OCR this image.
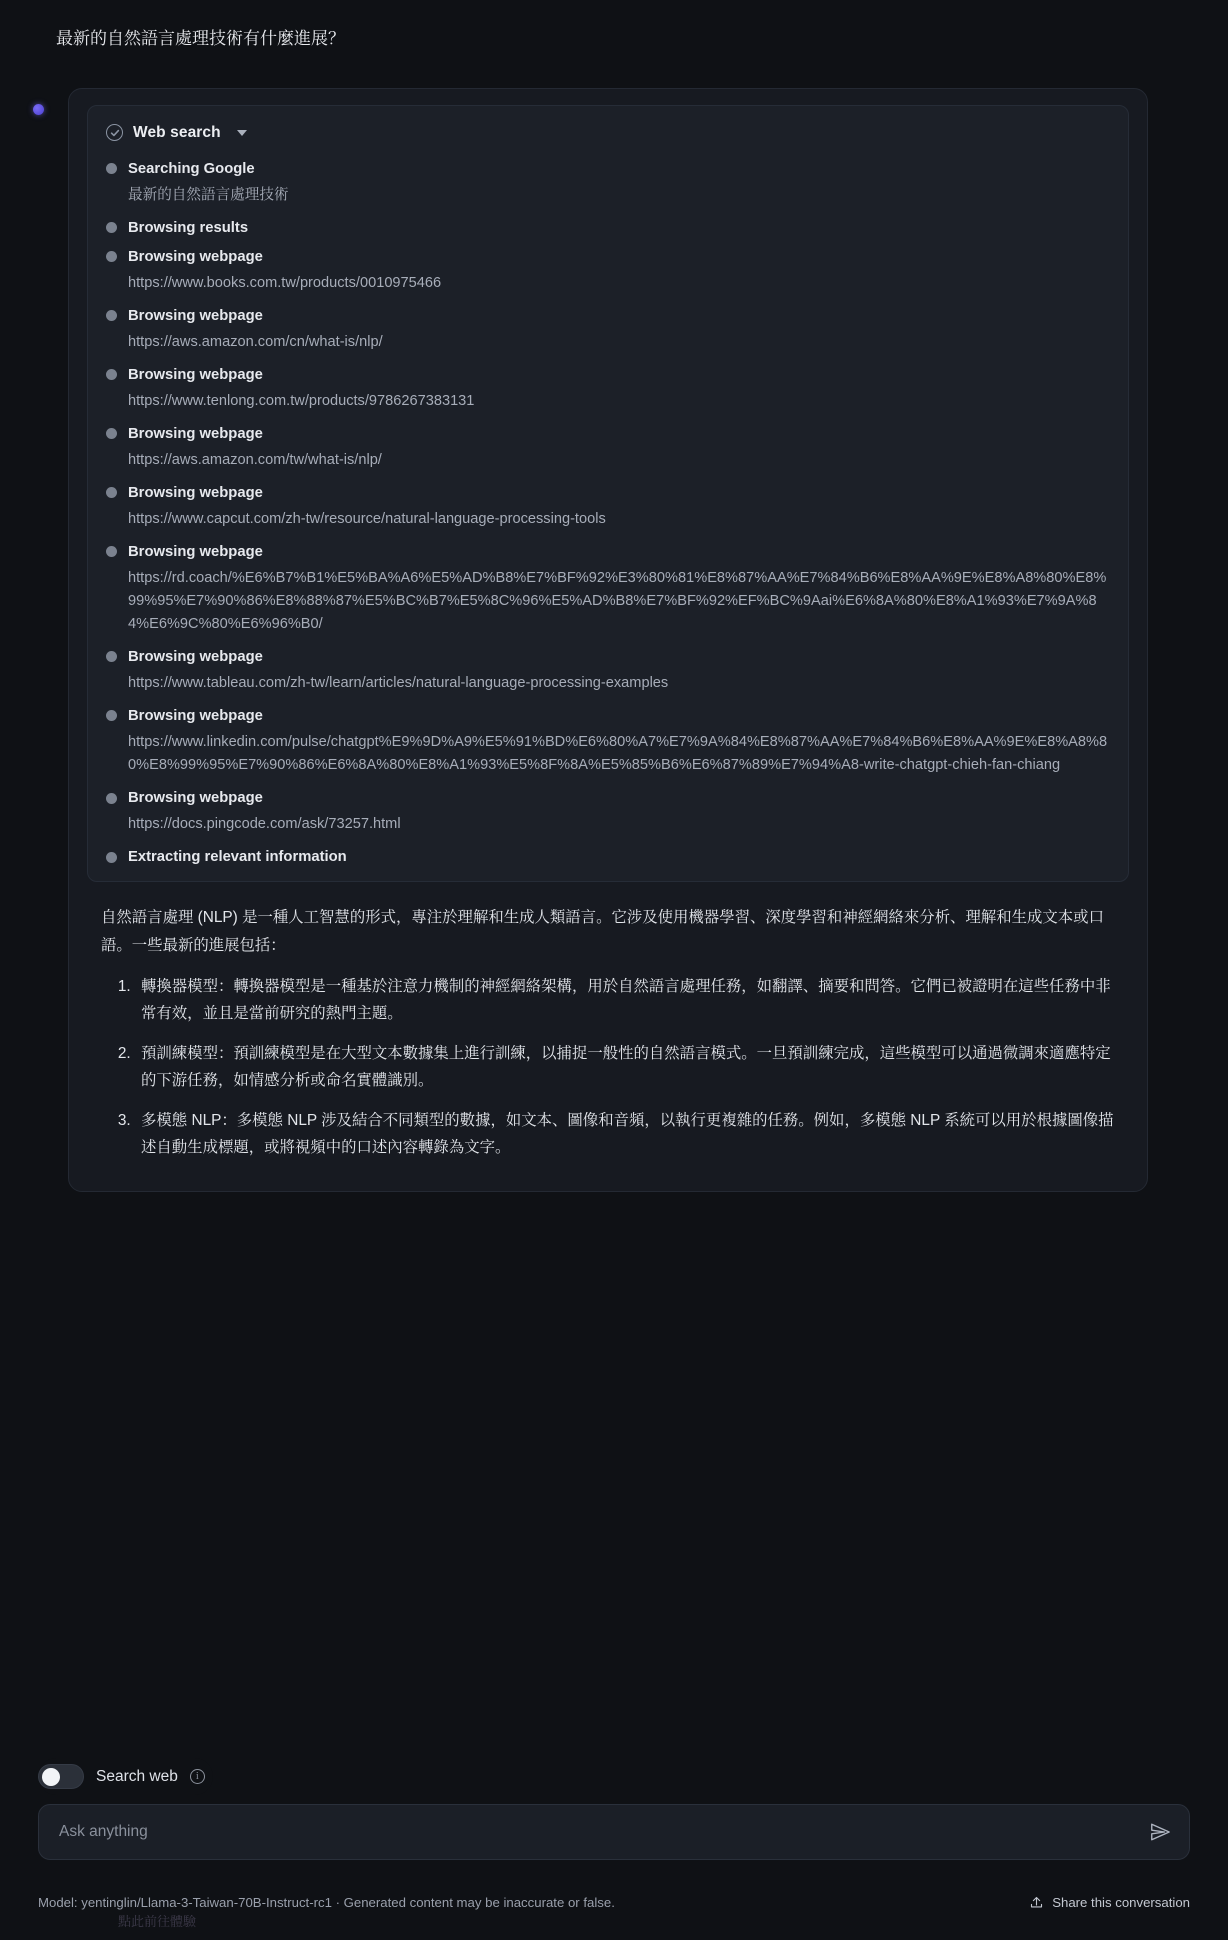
最新的自然語言處理技術有什麼進展？
Web search
Searching Google
最新的自然語言處理技術
Browsing results
Browsing webpage
https://www.books.com.tw/products/0010975466
Browsing webpage
https://aws.amazon.com/cn/what-is/nlp/
Browsing webpage
https://www.tenlong.com.tw/products/9786267383131
Browsing webpage
https://aws.amazon.com/tw/what-is/nlp/
Browsing webpage
https://www.capcut.com/zh-tw/resource/natural-language-processing-tools
Browsing webpage
https://rd.coach/%E6%B7%B1%E5%BA%A6%E5%AD%B8%E7%BF%92%E3%80%81%E8%87%AA%E7%84%B6%E8%AA%9E%E8%A8%80%E8%99%95%E7%90%86%E8%88%87%E5%BC%B7%E5%8C%96%E5%AD%B8%E7%BF%92%EF%BC%9Aai%E6%8A%80%E8%A1%93%E7%9A%84%E6%9C%80%E6%96%B0/
Browsing webpage
https://www.tableau.com/zh-tw/learn/articles/natural-language-processing-examples
Browsing webpage
https://www.linkedin.com/pulse/chatgpt%E9%9D%A9%E5%91%BD%E6%80%A7%E7%9A%84%E8%87%AA%E7%84%B6%E8%AA%9E%E8%A8%80%E8%99%95%E7%90%86%E6%8A%80%E8%A1%93%E5%8F%8A%E5%85%B6%E6%87%89%E7%94%A8-write-chatgpt-chieh-fan-chiang
Browsing webpage
https://docs.pingcode.com/ask/73257.html
Extracting relevant information

自然語言處理 (NLP) 是一種人工智慧的形式，專注於理解和生成人類語言。它涉及使用機器學習、深度學習和神經網絡來分析、理解和生成文本或口語。一些最新的進展包括：

1. 轉換器模型：轉換器模型是一種基於注意力機制的神經網絡架構，用於自然語言處理任務，如翻譯、摘要和問答。它們已被證明在這些任務中非常有效，並且是當前研究的熱門主題。
2. 預訓練模型：預訓練模型是在大型文本數據集上進行訓練，以捕捉一般性的自然語言模式。一旦預訓練完成，這些模型可以通過微調來適應特定的下游任務，如情感分析或命名實體識別。
3. 多模態 NLP：多模態 NLP 涉及結合不同類型的數據，如文本、圖像和音頻，以執行更複雜的任務。例如，多模態 NLP 系統可以用於根據圖像描述自動生成標題，或將視頻中的口述內容轉錄為文字。
Search web	i
Ask anything
Model: yentinglin/Llama-3-Taiwan-70B-Instruct-rc1 · Generated content may be inaccurate or false.	Share this conversation
點此前往體驗
